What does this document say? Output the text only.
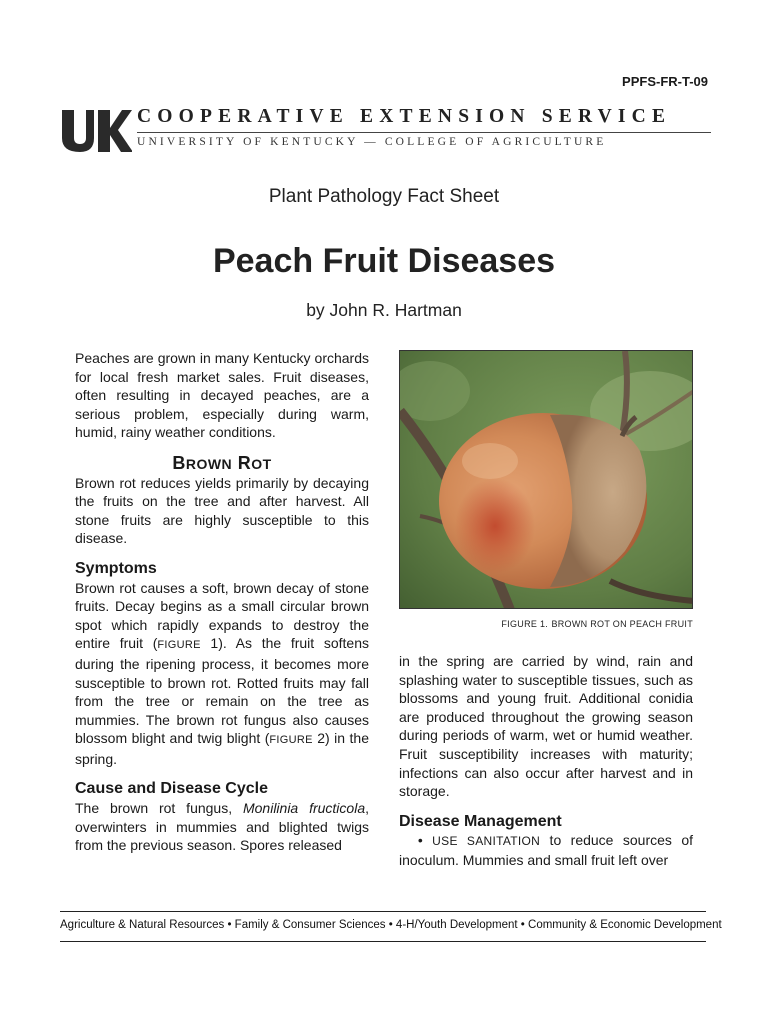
PPFS-FR-T-09
COOPERATIVE EXTENSION SERVICE
UNIVERSITY OF KENTUCKY — COLLEGE OF AGRICULTURE
Plant Pathology Fact Sheet
Peach Fruit Diseases
by John R. Hartman

Peaches are grown in many Kentucky orchards for local fresh market sales. Fruit diseases, often resulting in decayed peaches, are a serious problem, especially during warm, humid, rainy weather conditions.

BROWN ROT

Brown rot reduces yields primarily by decaying the fruits on the tree and after harvest. All stone fruits are highly susceptible to this disease.

Symptoms

Brown rot causes a soft, brown decay of stone fruits. Decay begins as a small circular brown spot which rapidly expands to destroy the entire fruit (FIGURE 1). As the fruit softens during the ripening process, it becomes more susceptible to brown rot. Rotted fruits may fall from the tree or remain on the tree as mummies. The brown rot fungus also causes blossom blight and twig blight (FIGURE 2) in the spring.

Cause and Disease Cycle

The brown rot fungus, Monilinia fructicola, overwinters in mummies and blighted twigs from the previous season. Spores released

FIGURE 1. BROWN ROT ON PEACH FRUIT

in the spring are carried by wind, rain and splashing water to susceptible tissues, such as blossoms and young fruit. Additional conidia are produced throughout the growing season during periods of warm, wet or humid weather. Fruit susceptibility increases with maturity; infections can also occur after harvest and in storage.

Disease Management

• USE SANITATION to reduce sources of inoculum. Mummies and small fruit left over

Agriculture & Natural Resources • Family & Consumer Sciences • 4-H/Youth Development • Community & Economic Development
